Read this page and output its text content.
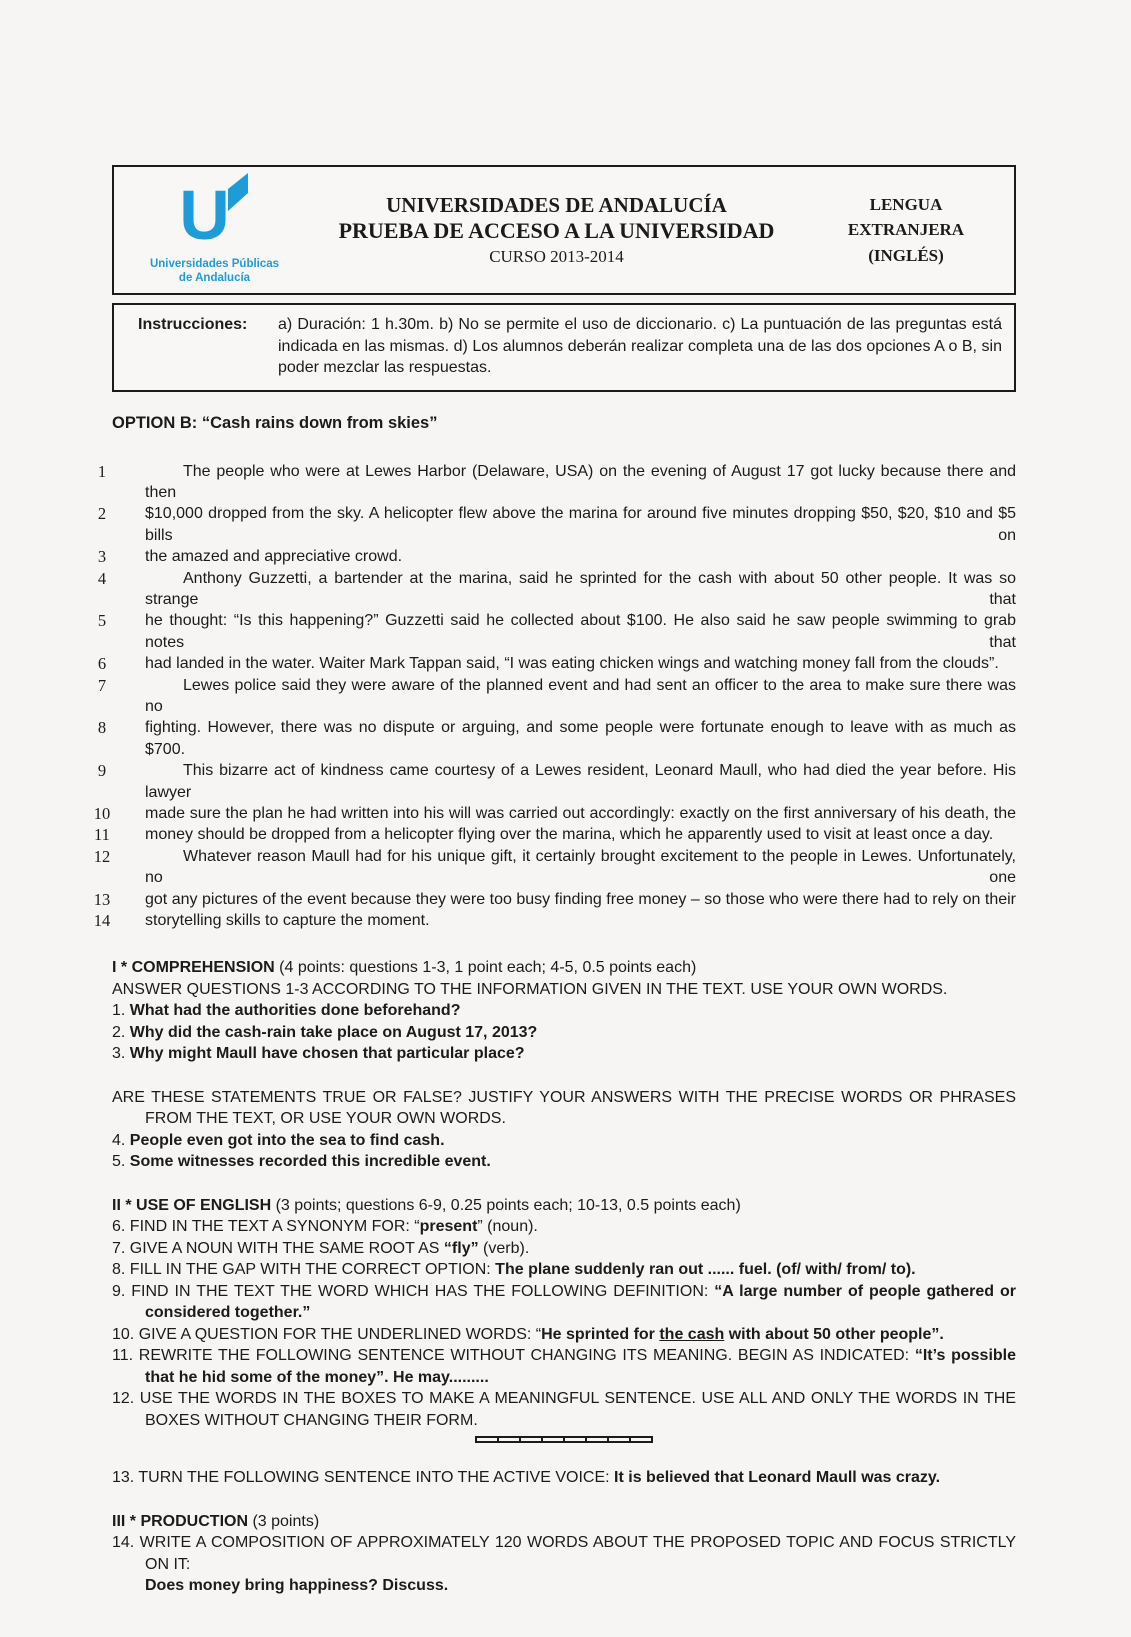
U
Universidades Públicas
de Andalucía
UNIVERSIDADES DE ANDALUCÍA
PRUEBA DE ACCESO A LA UNIVERSIDAD
CURSO 2013-2014
LENGUA
EXTRANJERA
(INGLÉS)
Instrucciones:	a) Duración: 1 h.30m. b) No se permite el uso de diccionario. c) La puntuación de las preguntas está indicada en las mismas. d) Los alumnos deberán realizar completa una de las dos opciones A o B, sin poder mezclar las respuestas.
OPTION B: “Cash rains down from skies”
1	The people who were at Lewes Harbor (Delaware, USA) on the evening of August 17 got lucky because there and then
2	$10,000 dropped from the sky. A helicopter flew above the marina for around five minutes dropping $50, $20, $10 and $5 bills on
3	the amazed and appreciative crowd.
4	Anthony Guzzetti, a bartender at the marina, said he sprinted for the cash with about 50 other people. It was so strange that
5	he thought: “Is this happening?” Guzzetti said he collected about $100. He also said he saw people swimming to grab notes that
6	had landed in the water. Waiter Mark Tappan said, “I was eating chicken wings and watching money fall from the clouds”.
7	Lewes police said they were aware of the planned event and had sent an officer to the area to make sure there was no
8	fighting. However, there was no dispute or arguing, and some people were fortunate enough to leave with as much as $700.
9	This bizarre act of kindness came courtesy of a Lewes resident, Leonard Maull, who had died the year before. His lawyer
10	made sure the plan he had written into his will was carried out accordingly: exactly on the first anniversary of his death, the
11	money should be dropped from a helicopter flying over the marina, which he apparently used to visit at least once a day.
12	Whatever reason Maull had for his unique gift, it certainly brought excitement to the people in Lewes. Unfortunately, no one
13	got any pictures of the event because they were too busy finding free money – so those who were there had to rely on their
14	storytelling skills to capture the moment.
I * COMPREHENSION (4 points: questions 1-3, 1 point each; 4-5, 0.5 points each)
ANSWER QUESTIONS 1-3 ACCORDING TO THE INFORMATION GIVEN IN THE TEXT. USE YOUR OWN WORDS.
1. What had the authorities done beforehand?
2. Why did the cash-rain take place on August 17, 2013?
3. Why might Maull have chosen that particular place?
ARE THESE STATEMENTS TRUE OR FALSE? JUSTIFY YOUR ANSWERS WITH THE PRECISE WORDS OR PHRASES FROM THE TEXT, OR USE YOUR OWN WORDS.
4. People even got into the sea to find cash.
5. Some witnesses recorded this incredible event.
II * USE OF ENGLISH (3 points; questions 6-9, 0.25 points each; 10-13, 0.5 points each)
6. FIND IN THE TEXT A SYNONYM FOR: “present” (noun).
7. GIVE A NOUN WITH THE SAME ROOT AS “fly” (verb).
8. FILL IN THE GAP WITH THE CORRECT OPTION: The plane suddenly ran out ...... fuel. (of/ with/ from/ to).
9. FIND IN THE TEXT THE WORD WHICH HAS THE FOLLOWING DEFINITION: “A large number of people gathered or considered together.”
10. GIVE A QUESTION FOR THE UNDERLINED WORDS: “He sprinted for the cash with about 50 other people”.
11. REWRITE THE FOLLOWING SENTENCE WITHOUT CHANGING ITS MEANING. BEGIN AS INDICATED: “It’s possible that he hid some of the money”. He may.........
12. USE THE WORDS IN THE BOXES TO MAKE A MEANINGFUL SENTENCE. USE ALL AND ONLY THE WORDS IN THE BOXES WITHOUT CHANGING THEIR FORM.
13. TURN THE FOLLOWING SENTENCE INTO THE ACTIVE VOICE: It is believed that Leonard Maull was crazy.
III * PRODUCTION (3 points)
14. WRITE A COMPOSITION OF APPROXIMATELY 120 WORDS ABOUT THE PROPOSED TOPIC AND FOCUS STRICTLY ON IT:
Does money bring happiness? Discuss.
